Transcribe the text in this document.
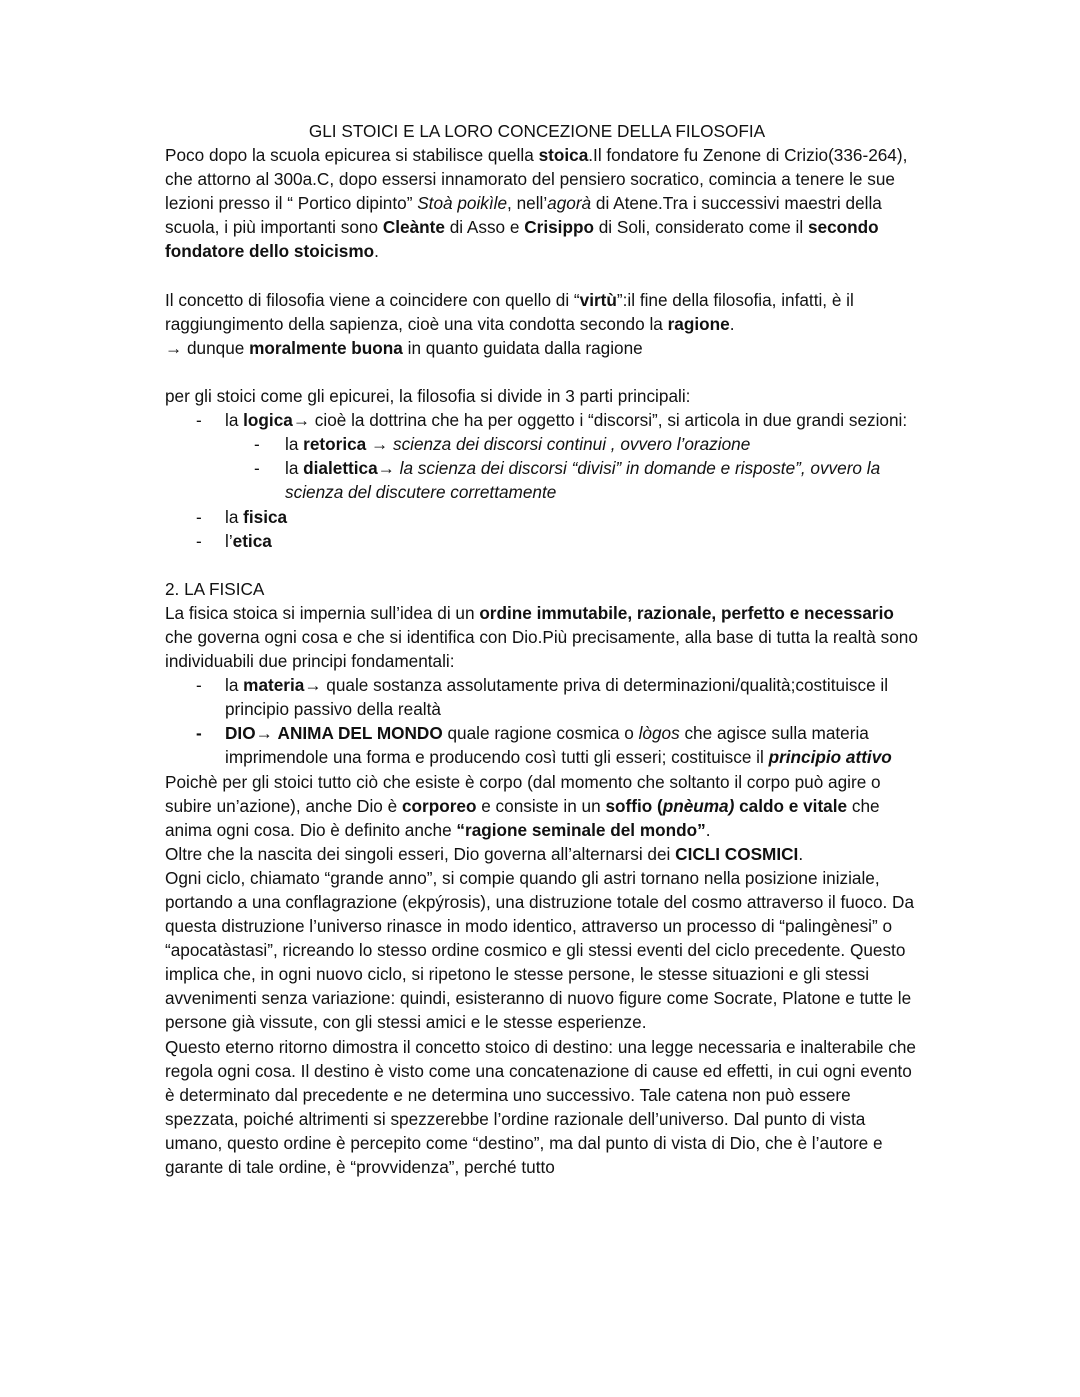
GLI STOICI E LA LORO CONCEZIONE DELLA FILOSOFIA

Poco dopo la scuola epicurea si stabilisce quella stoica.Il fondatore fu Zenone di Crizio(336-264), che attorno al 300a.C, dopo essersi innamorato del pensiero socratico, comincia a tenere le sue lezioni presso il “ Portico dipinto” Stoà poikìle, nell’agorà di Atene.Tra i successivi maestri della scuola, i più importanti sono Cleànte di Asso e Crisippo di Soli, considerato come il secondo fondatore dello stoicismo.

Il concetto di filosofia viene a coincidere con quello di “virtù”:il fine della filosofia, infatti, è il raggiungimento della sapienza, cioè una vita condotta secondo la ragione.

→ dunque moralmente buona in quanto guidata dalla ragione

per gli stoici come gli epicurei, la filosofia si divide in 3 parti principali:

- la logica→ cioè la dottrina che ha per oggetto i “discorsi”, si articola in due grandi sezioni:
- la retorica → scienza dei discorsi continui , ovvero l’orazione
- la dialettica→ la scienza dei discorsi “divisi” in domande e risposte”, ovvero la scienza del discutere correttamente
- la fisica
- l’etica

2. LA FISICA

La fisica stoica si impernia sull’idea di un ordine immutabile, razionale, perfetto e necessario che governa ogni cosa e che si identifica con Dio.Più precisamente, alla base di tutta la realtà sono individuabili due principi fondamentali:

- la materia→ quale sostanza assolutamente priva di determinazioni/qualità;costituisce il principio passivo della realtà
- DIO→ ANIMA DEL MONDO quale ragione cosmica o lògos che agisce sulla materia imprimendole una forma e producendo così tutti gli esseri; costituisce il principio attivo

Poichè per gli stoici tutto ciò che esiste è corpo (dal momento che soltanto il corpo può agire o subire un’azione), anche Dio è corporeo e consiste in un soffio (pnèuma) caldo e vitale che anima ogni cosa. Dio è definito anche “ragione seminale del mondo”.

Oltre che la nascita dei singoli esseri, Dio governa all’alternarsi dei CICLI COSMICI.

Ogni ciclo, chiamato “grande anno”, si compie quando gli astri tornano nella posizione iniziale, portando a una conflagrazione (ekpýrosis), una distruzione totale del cosmo attraverso il fuoco. Da questa distruzione l’universo rinasce in modo identico, attraverso un processo di “palingènesi” o “apocatàstasi”, ricreando lo stesso ordine cosmico e gli stessi eventi del ciclo precedente. Questo implica che, in ogni nuovo ciclo, si ripetono le stesse persone, le stesse situazioni e gli stessi avvenimenti senza variazione: quindi, esisteranno di nuovo figure come Socrate, Platone e tutte le persone già vissute, con gli stessi amici e le stesse esperienze.

Questo eterno ritorno dimostra il concetto stoico di destino: una legge necessaria e inalterabile che regola ogni cosa. Il destino è visto come una concatenazione di cause ed effetti, in cui ogni evento è determinato dal precedente e ne determina uno successivo. Tale catena non può essere spezzata, poiché altrimenti si spezzerebbe l’ordine razionale dell’universo. Dal punto di vista umano, questo ordine è percepito come “destino”, ma dal punto di vista di Dio, che è l’autore e garante di tale ordine, è “provvidenza”, perché tutto
